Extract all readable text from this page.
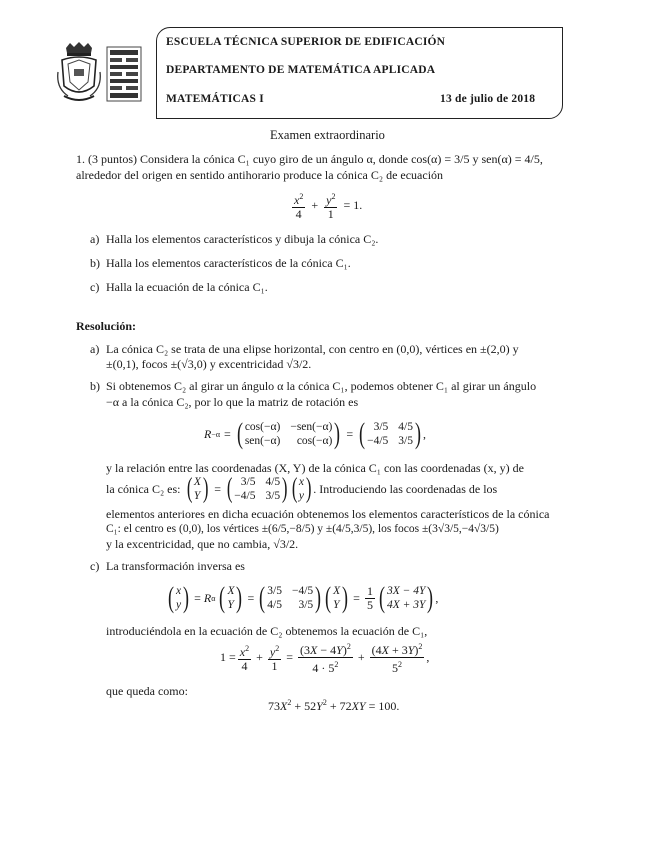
ESCUELA TÉCNICA SUPERIOR DE EDIFICACIÓN
DEPARTAMENTO DE MATEMÁTICA APLICADA
MATEMÁTICAS I	13 de julio de 2018
Examen extraordinario
1. (3 puntos) Considera la cónica C₁ cuyo giro de un ángulo α, donde cos(α) = 3/5 y sen(α) = 4/5,
alrededor del origen en sentido antihorario produce la cónica C₂ de ecuación
$\frac{x^2}{4} + \frac{y^2}{1} = 1$.
a) Halla los elementos característicos y dibuja la cónica C₂.
b) Halla los elementos característicos de la cónica C₁.
c) Halla la ecuación de la cónica C₁.
Resolución:
a) La cónica C₂ se trata de una elipse horizontal, con centro en (0,0), vértices en ±(2,0) y
±(0,1), focos ±(√3,0) y excentricidad √3/2.
b) Si obtenemos C₂ al girar un ángulo α la cónica C₁, podemos obtener C₁ al girar un ángulo
−α a la cónica C₂, por lo que la matriz de rotación es
R −α = ( cos(−α) −sen(−α)
sen(−α)	cos(−α) ) = ( 3/5 4/5
−4/5 3/5 ) ,
y la relación entre las coordenadas (X, Y) de la cónica C₁ con las coordenadas (x, y) de
la cónica C₂ es: ( X
Y ) = ( 3/5 4/5
−4/5 3/5 ) ( x
y ) . Introduciendo las coordenadas de los
elementos anteriores en dicha ecuación obtenemos los elementos característicos de la cónica
C₁: el centro es (0,0), los vértices ±(6/5,−8/5) y ±(4/5,3/5), los focos ±(3√3/5,−4√3/5)
y la excentricidad, que no cambia, √3/2.
c) La transformación inversa es
( x
y ) = R α ( X
Y ) = ( 3/5 −4/5
4/5	3/5 ) ( X
Y ) = $\frac{1}{5}$ ( 3X − 4Y
4X + 3Y ) ,
introduciéndola en la ecuación de C₂ obtenemos la ecuación de C₁,
$1 = \frac{x^2}{4} + \frac{y^2}{1} = \frac{(3X - 4Y)^2}{4 \cdot 5^2} + \frac{(4X + 3Y)^2}{5^2}$ ,
que queda como:
$73X^2 + 52Y^2 + 72XY = 100$.
